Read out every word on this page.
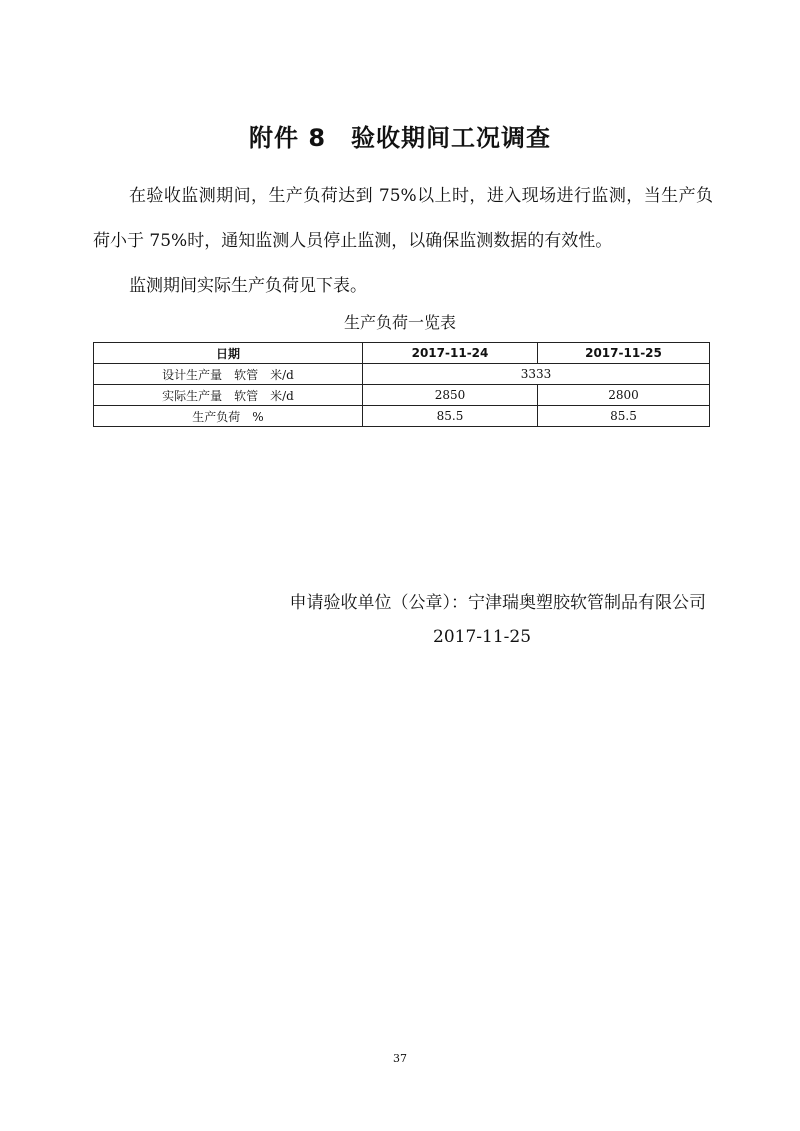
附件 8　验收期间工况调查

在验收监测期间，生产负荷达到 75%以上时，进入现场进行监测，当生产负荷小于 75%时，通知监测人员停止监测，以确保监测数据的有效性。

监测期间实际生产负荷见下表。

生产负荷一览表
日期	2017-11-24	2017-11-25
设计生产量　软管　米/d	3333	
实际生产量　软管　米/d	2850	2800
生产负荷　%	85.5	85.5
申请验收单位（公章）：宁津瑞奥塑胶软管制品有限公司
2017-11-25
37
